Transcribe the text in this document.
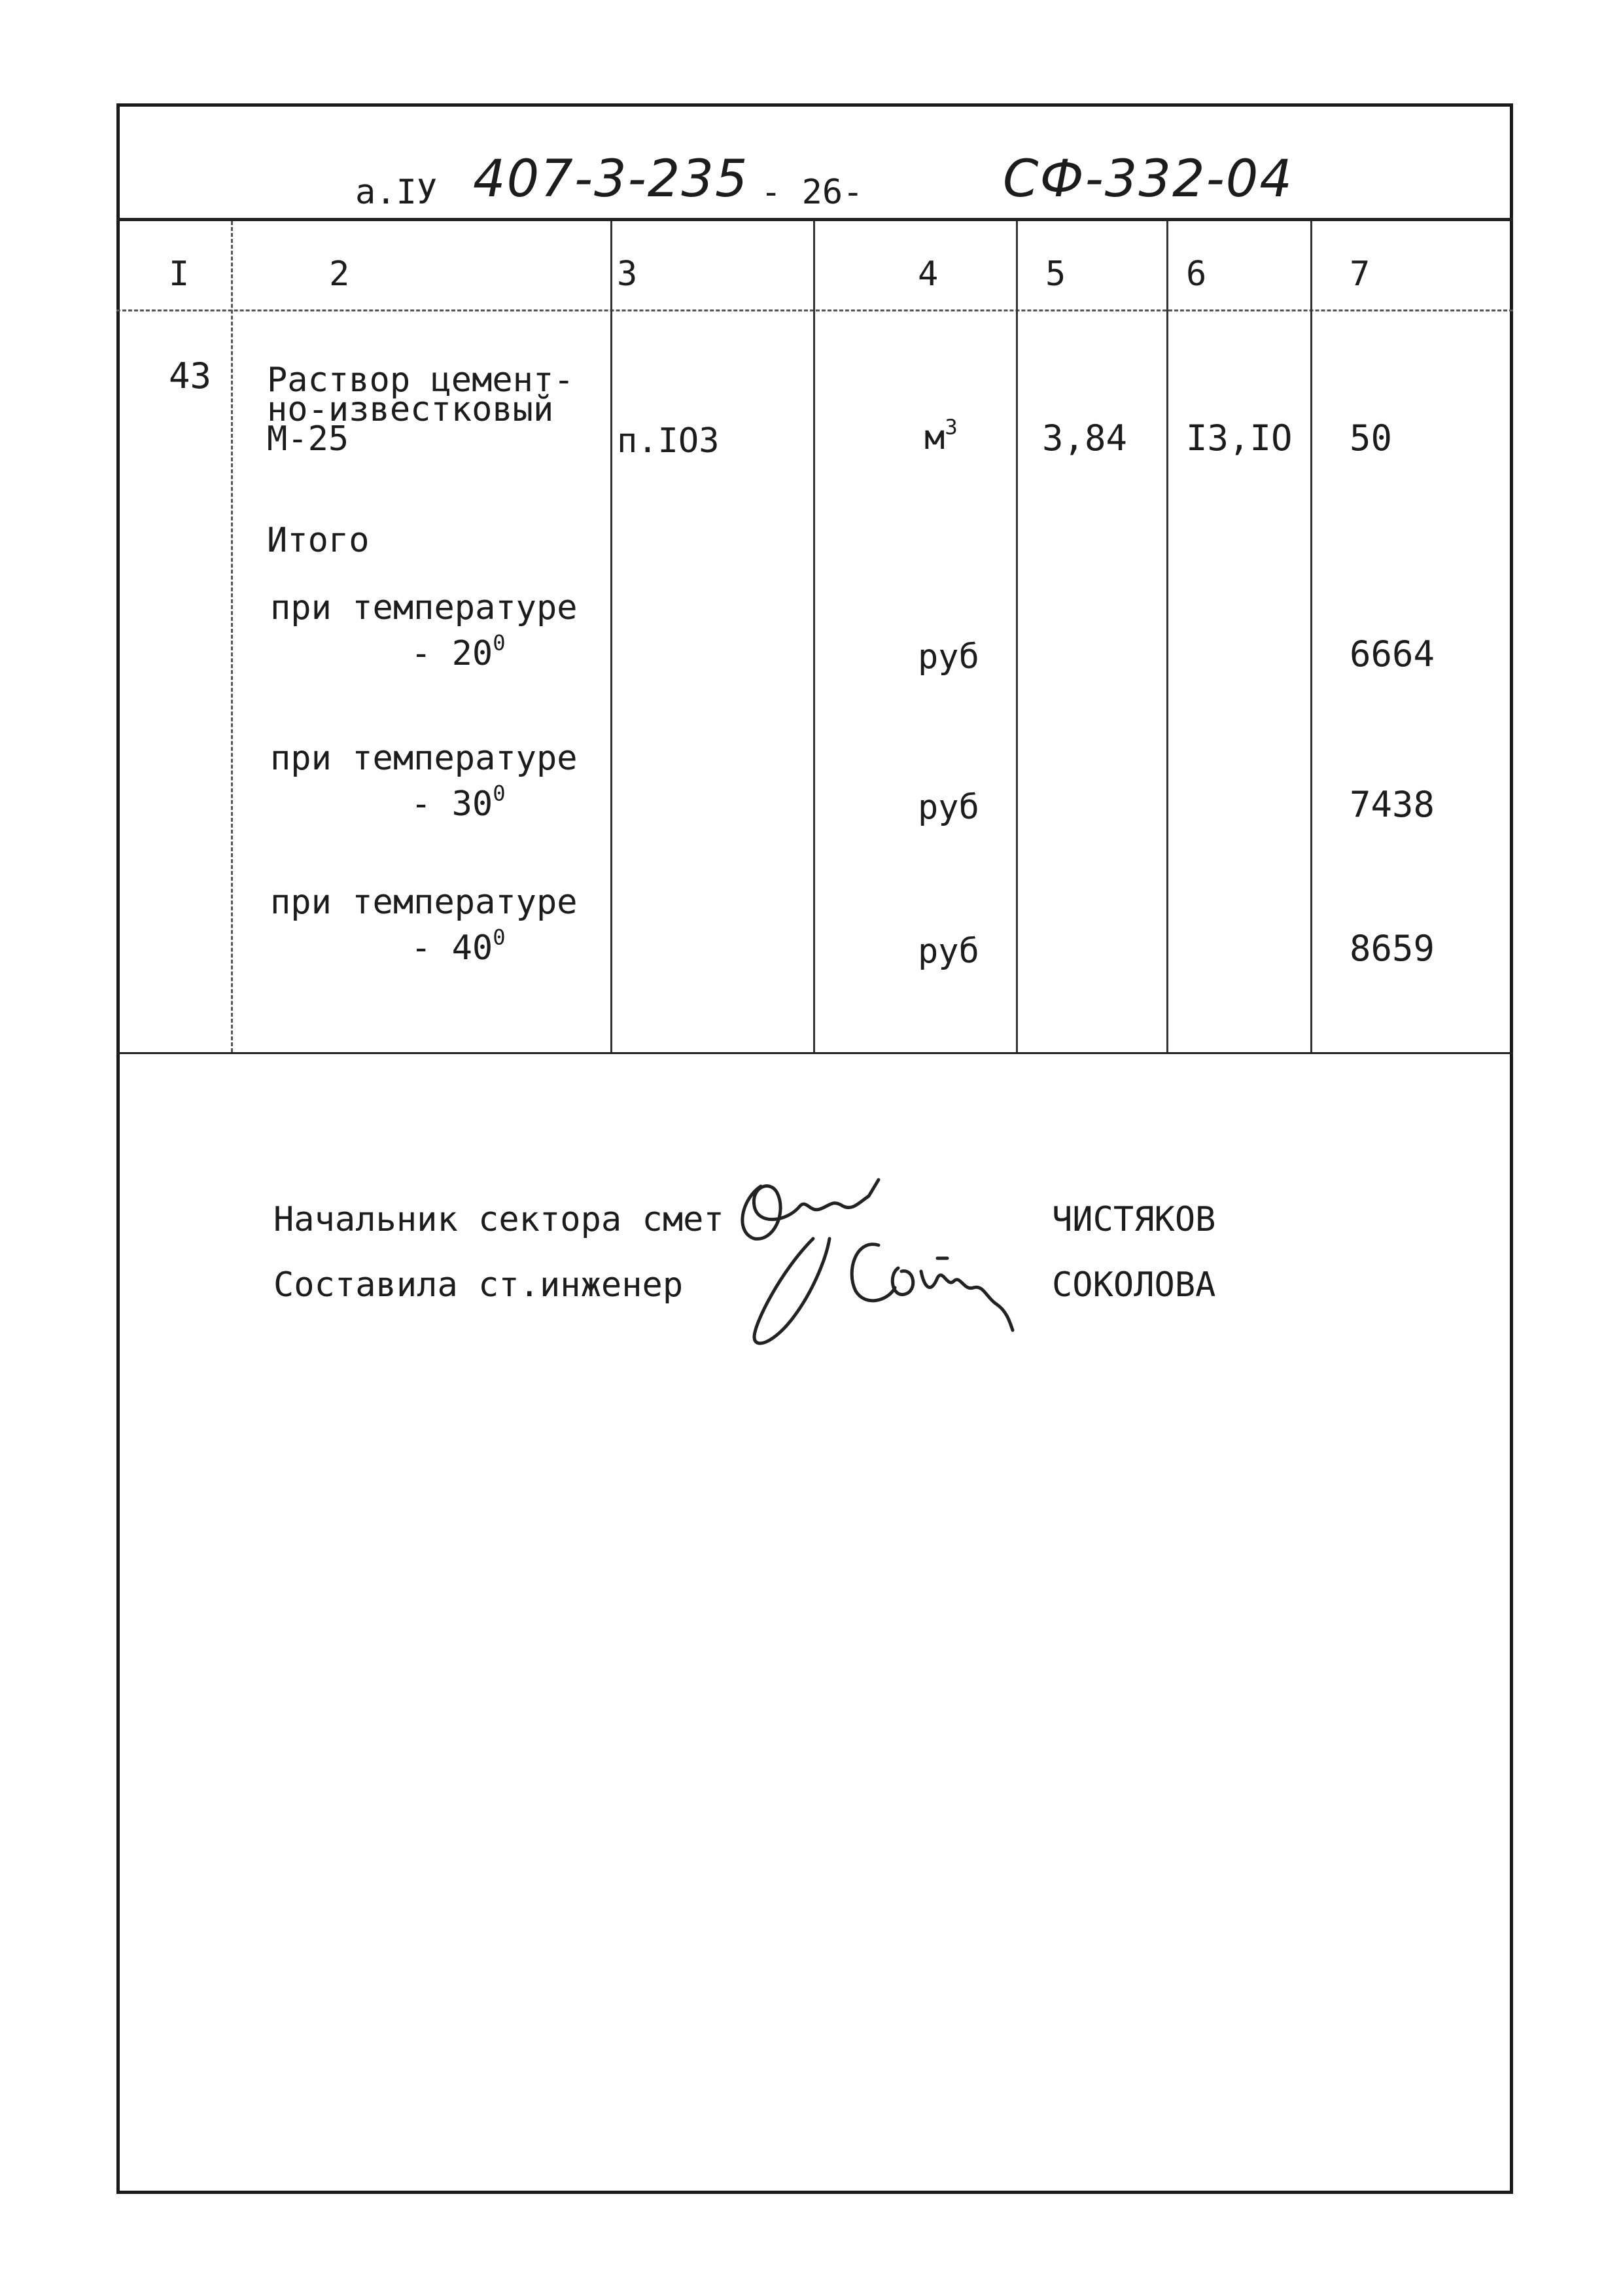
а.IУ 407-3-235 - 26-	СФ-332-04
I	2	3	4	5	6	7
43 Раствор цемент-
но-известковый
М-25	п.IО3	$м^3$ 3,84 I3,IО 50
Итого
при температуре
- $20^0$	руб	6664
при температуре
- $30^0$	руб	7438
при температуре
- $40^0$	руб	8659
Начальник сектора смет	ЧИСТЯКОВ
Составила ст.инженер	СОКОЛОВА
